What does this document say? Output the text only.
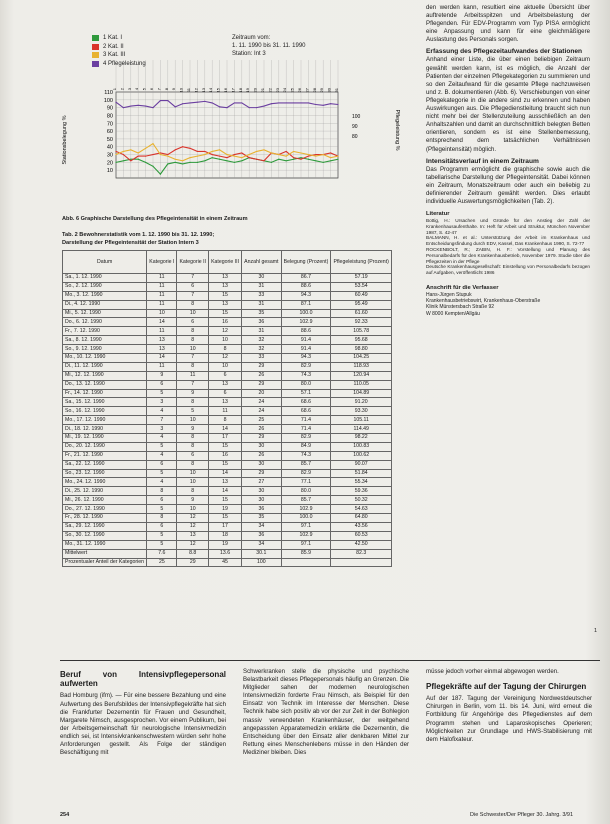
110
100
90
80
70
60
50
40
30
20
10
1 2 3 4 5 6 7 8 9 10 11 12 13 14 15 16 17 18 19 20 21 22 23 24 25 26 27 28 29 30 31
100
90
80
Stationsbelegung %	Pflegeleistung %
1 Kat. I
2 Kat. II
3 Kat. III
4 Pflegeleistung
Zeitraum vom:
1. 11. 1990 bis 31. 11. 1990
Station: Int 3
Abb. 6 Graphische Darstellung des Pflegeintensität in einem Zeitraum
Tab. 2 Bewohnerstatistik vom 1. 12. 1990 bis 31. 12. 1990;
Darstellung der Pflegeintensität der Station Intern 3
Datum	Kategorie I	Kategorie II	Kategorie III	Anzahl gesamt	Belegung (Prozent)	Pflegeleistung (Prozent)
Sa., 1. 12. 1990	11	7	13	30	86.7	57.19
So., 2. 12. 1990	11	6	13	31	88.6	53.54
Mo., 3. 12. 1990	11	7	15	33	94.3	60.49
Di., 4. 12. 1990	11	8	13	31	87.1	95.49
Mi., 5. 12. 1990	10	10	15	35	100.0	61.60
Do., 6. 12. 1990	14	6	16	36	102.9	92.33
Fr., 7. 12. 1990	11	8	12	31	88.6	105.78
Sa., 8. 12. 1990	13	8	10	32	91.4	95.68
So., 9. 12. 1990	13	10	8	32	91.4	98.80
Mo., 10. 12. 1990	14	7	12	33	94.3	104.25
Di., 11. 12. 1990	11	8	10	29	82.9	118.93
Mi., 12. 12. 1990	9	11	6	26	74.3	120.94
Do., 13. 12. 1990	6	7	13	29	80.0	110.05
Fr., 14. 12. 1990	5	9	6	20	57.1	104.89
Sa., 15. 12. 1990	3	8	13	24	68.6	91.20
So., 16. 12. 1990	4	5	11	24	68.6	93.30
Mo., 17. 12. 1990	7	10	8	25	71.4	105.11
Di., 18. 12. 1990	3	9	14	26	71.4	114.49
Mi., 19. 12. 1990	4	8	17	29	82.9	98.22
Do., 20. 12. 1990	5	8	15	30	84.9	100.83
Fr., 21. 12. 1990	4	6	16	26	74.3	100.62
Sa., 22. 12. 1990	6	8	15	30	85.7	90.07
So., 23. 12. 1990	5	10	14	29	82.9	51.84
Mo., 24. 12. 1990	4	10	13	27	77.1	55.34
Di., 25. 12. 1990	8	8	14	30	80.0	59.36
Mi., 26. 12. 1990	6	9	15	30	85.7	50.32
Do., 27. 12. 1990	5	10	19	36	102.9	54.63
Fr., 28. 12. 1990	8	12	15	35	100.0	64.80
Sa., 29. 12. 1990	6	12	17	34	97.1	43.56
So., 30. 12. 1990	5	13	18	36	102.9	60.53
Mo., 31. 12. 1990	5	12	19	34	97.1	42.50
Mittelwert	7.6	8.8	13.6	30.1	85.9	82.3
Prozentualer Anteil der Kategorien	25	29	45	100		
den werden kann, resultiert eine aktuelle Übersicht über auftretende Arbeitsspitzen und Arbeitsbelastung der Pflegenden. Für EDV-Programm vom Typ PISA ermöglicht eine Anpassung und kann für eine gleichmäßigere Auslastung des Personals sorgen.
Erfassung des Pflegezeitaufwandes der Stationen
Anhand einer Liste, die über einen beliebigen Zeitraum gewählt werden kann, ist es möglich, die Anzahl der Patienten der einzelnen Pflegekategorien zu summieren und so den Zeitaufwand für die gesamte Pflege nachzuweisen und z. B. dokumentieren (Abb. 6). Verschiebungen von einer Pflegekategorie in die andere sind zu erkennen und haben Auswirkungen aus. Die Pflegedienstleitung braucht sich nun nicht mehr bei der Stellenzuteilung ausschließlich an den Anhaltszahlen und damit an durchschnittlich belegten Betten orientieren, sondern es ist eine Stellenbemessung, entsprechend dem tatsächlichen Verhältnissen (Pflegeintensität) möglich.
Intensitätsverlauf in einem Zeitraum
Das Programm ermöglicht die graphische sowie auch die tabellarische Darstellung der Pflegeintensität. Dabei können ein Zeitraum, Monatszeitraum oder auch ein beliebig zu definierender Zeitraum gewählt werden. Dies erlaubt individuelle Auswertungsmöglichkeiten (Tab. 2).
Literatur
Bottig, H.: Ursachen und Gründe für den Anstieg der Zahl der Krankenhausaufenthalte. In: Heft für Arbeit und Struktur, München November 1987, S. 42-47
BALMANN, H. et al.: Unterstützung der Arbeit im Krankenhaus und Entscheidungsfindung durch EDV, Kassel, Das Krankenhaus 1990, S. 72-77
ROCKENBOLT, R.; ZABIN, H. F.: Vorstellung und Planung des Personalbedarfs für den Krankenhausbetrieb, November 1979. Studie über die Pflegezeiten in der Pflege
Deutsche Krankenhausgesellschaft: Einstellung von Personalbedarfs bezogen auf Aufgaben, veröffentlicht 1986
Anschrift für die Verfasser
Hans-Jürgen Stupuk
Krankenhausbetriebswirt, Krankenhaus-Oberstraße
Klinik Münstersbach Straße 92
W 8000 Kempten/Allgäu
1
Beruf von Intensivpflegepersonal aufwerten
Bad Homburg (ifm). — Für eine bessere Bezahlung und eine Aufwertung des Berufsbildes der Intensivpflegekräfte hat sich die Frankfurter Dezernentin für Frauen und Gesundheit, Margarete Nimsch, ausgesprochen. Vor einem Publikum, bei der Arbeitsgemeinschaft für neurologische Intensivmedizin endlich sei, ist Intensivkrankenschwestern würden sehr hohe Anforderungen gestellt. Als Folge der ständigen Beschäftigung mit
Schwerkranken stelle die physische und psychische Belastbarkeit dieses Pflegepersonals häufig an Grenzen. Die Mitglieder sahen der modernen neurologischen Intensivmedizin forderte Frau Nimsch, als Beispiel für den Einsatz von Technik im Interesse der Menschen. Diese Technik habe sich positiv ab vor der zur Zeit in der Bohlegion massiv verwendeten Krankenhäuser, der weitgehend angepassten Apparatemedizin erklärte die Dezernentin, die Entscheidung über den Einsatz aller denkbaren Mittel zur Rettung eines Menschenlebens müsse in den Händen der Mediziner bleiben. Dies
müsse jedoch vorher einmal abgewogen werden.
Pflegekräfte auf der Tagung der Chirurgen
Auf der 187. Tagung der Vereinigung Nordwestdeutscher Chirurgen in Berlin, vom 11. bis 14. Juni, wird erneut die Fortbildung für Angehörige des Pflegedienstes auf dem Programm stehen und Laparoskopisches Operieren; Möglichkeiten zur Grundlage und HWS-Stabilisierung mit dem Halofixateur.
254	Die Schwester/Der Pfleger 30. Jahrg. 3/91
